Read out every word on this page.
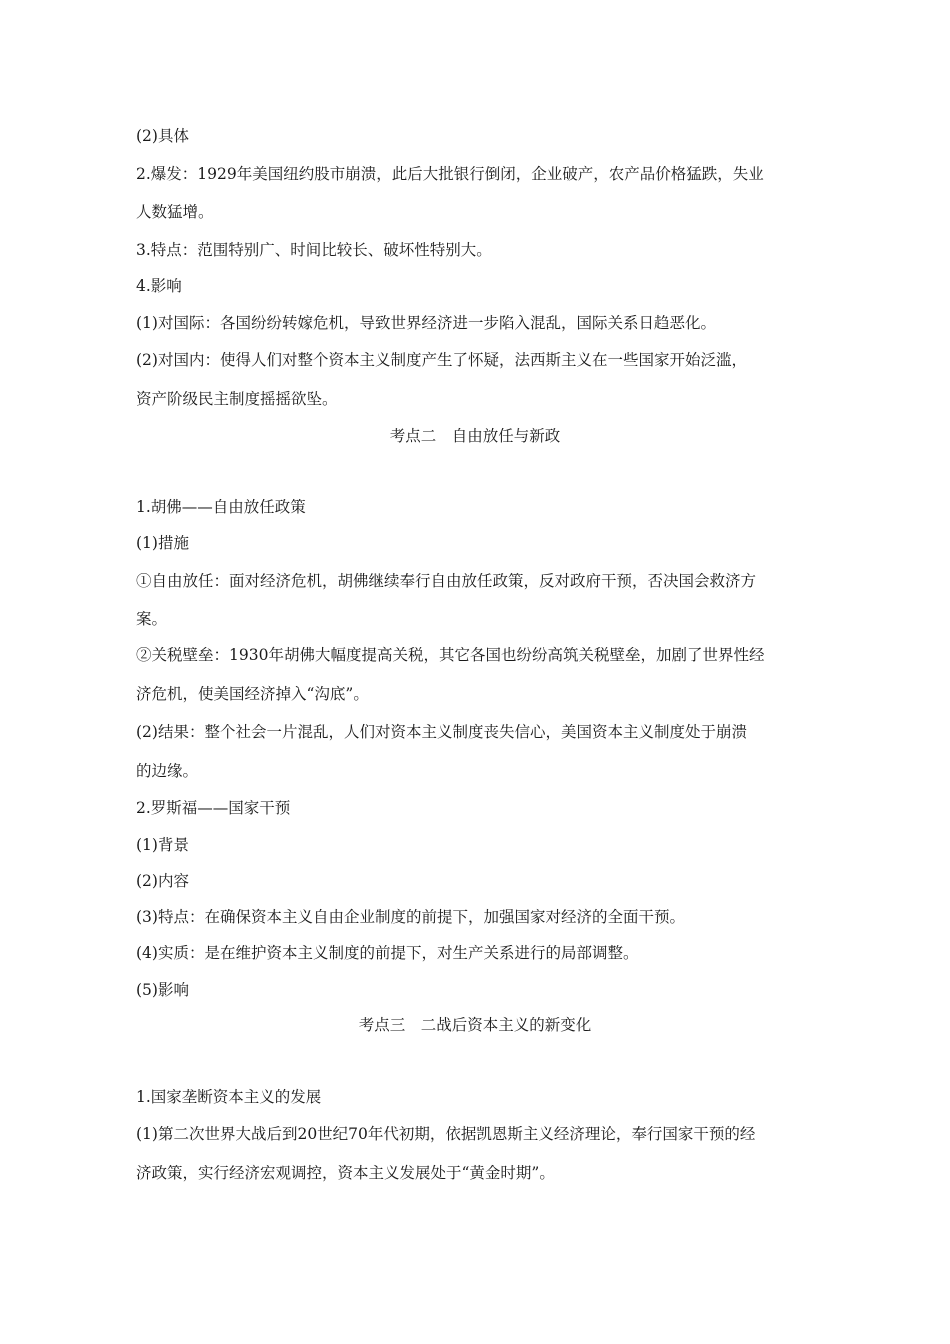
(2)具体
2.爆发：1929年美国纽约股市崩溃，此后大批银行倒闭，企业破产，农产品价格猛跌，失业
人数猛增。
3.特点：范围特别广、时间比较长、破坏性特别大。
4.影响
(1)对国际：各国纷纷转嫁危机，导致世界经济进一步陷入混乱，国际关系日趋恶化。
(2)对国内：使得人们对整个资本主义制度产生了怀疑，法西斯主义在一些国家开始泛滥，
资产阶级民主制度摇摇欲坠。
考点二　自由放任与新政
1.胡佛——自由放任政策
(1)措施
①自由放任：面对经济危机，胡佛继续奉行自由放任政策，反对政府干预，否决国会救济方
案。
②关税壁垒：1930年胡佛大幅度提高关税，其它各国也纷纷高筑关税壁垒，加剧了世界性经
济危机，使美国经济掉入“沟底”。
(2)结果：整个社会一片混乱，人们对资本主义制度丧失信心，美国资本主义制度处于崩溃
的边缘。
2.罗斯福——国家干预
(1)背景
(2)内容
(3)特点：在确保资本主义自由企业制度的前提下，加强国家对经济的全面干预。
(4)实质：是在维护资本主义制度的前提下，对生产关系进行的局部调整。
(5)影响
考点三　二战后资本主义的新变化
1.国家垄断资本主义的发展
(1)第二次世界大战后到20世纪70年代初期，依据凯恩斯主义经济理论，奉行国家干预的经
济政策，实行经济宏观调控，资本主义发展处于“黄金时期”。
